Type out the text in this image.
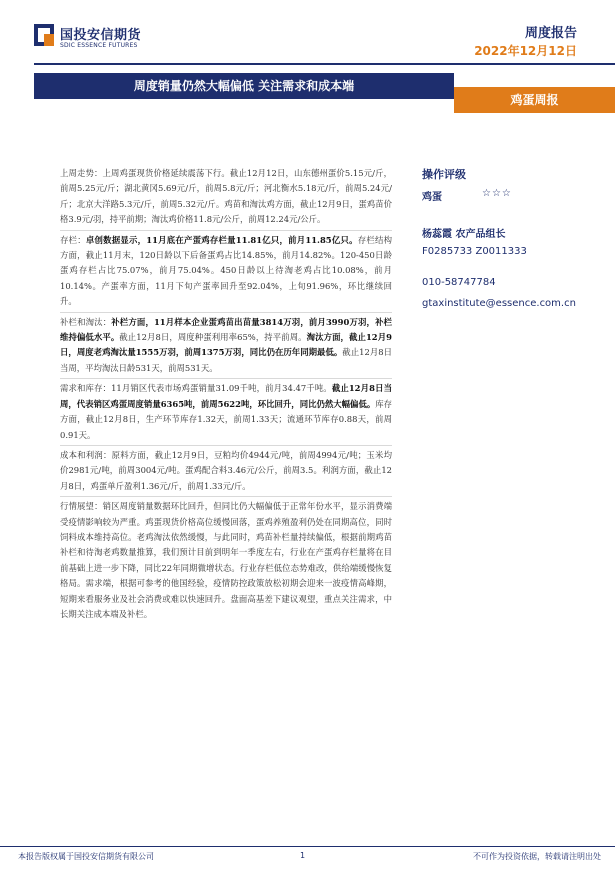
国投安信期货
SDIC ESSENCE FUTURES
周度报告
2022年12月12日
周度销量仍然大幅偏低 关注需求和成本端
鸡蛋周报

上周走势：上周鸡蛋现货价格延续震荡下行。截止12月12日，山东德州蛋价5.15元/斤，前周5.25元/斤；湖北黄冈5.69元/斤，前周5.8元/斤；河北衡水5.18元/斤，前周5.24元/斤；北京大洋路5.3元/斤，前周5.32元/斤。鸡苗和淘汰鸡方面，截止12月9日，蛋鸡苗价格3.9元/羽，持平前期；淘汰鸡价格11.8元/公斤，前周12.24元/公斤。

存栏：卓创数据显示，11月底在产蛋鸡存栏量11.81亿只，前月11.85亿只。存栏结构方面，截止11月末，120日龄以下后备蛋鸡占比14.85%，前月14.82%。120-450日龄蛋鸡存栏占比75.07%，前月75.04%。450日龄以上待淘老鸡占比10.08%，前月10.14%。产蛋率方面，11月下旬产蛋率回升至92.04%，上旬91.96%，环比继续回升。

补栏和淘汰：补栏方面，11月样本企业蛋鸡苗出苗量3814万羽，前月3990万羽，补栏维持偏低水平。截止12月8日，周度种蛋利用率65%，持平前周。淘汰方面，截止12月9日，周度老鸡淘汰量1555万羽，前周1375万羽，同比仍在历年同期最低。截止12月8日当周，平均淘汰日龄531天，前周531天。

需求和库存：11月销区代表市场鸡蛋销量31.09千吨，前月34.47千吨。截止12月8日当周，代表销区鸡蛋周度销量6365吨，前周5622吨，环比回升，同比仍然大幅偏低。库存方面，截止12月8日，生产环节库存1.32天，前周1.33天；流通环节库存0.88天，前周0.91天。

成本和利润：原料方面，截止12月9日，豆粕均价4944元/吨，前周4994元/吨；玉米均价2981元/吨，前周3004元/吨。蛋鸡配合料3.46元/公斤，前周3.5。利润方面，截止12月8日，鸡蛋单斤盈利1.36元/斤，前周1.33元/斤。

行情展望：销区周度销量数据环比回升，但同比仍大幅偏低于正常年份水平，显示消费端受疫情影响较为严重。鸡蛋现货价格高位缓慢回落，蛋鸡养殖盈利仍处在同期高位，同时饲料成本维持高位。老鸡淘汰依然缓慢，与此同时，鸡苗补栏量持续偏低，根据前期鸡苗补栏和待淘老鸡数量推算，我们预计目前到明年一季度左右，行业在产蛋鸡存栏量将在目前基础上进一步下降，同比22年同期微增状态。行业存栏低位态势难改，供给端缓慢恢复格局。需求端，根据可参考的他国经验，疫情防控政策放松初期会迎来一波疫情高峰期，短期来看服务业及社会消费或难以快速回升。盘面高基差下建议观望，重点关注需求，中长期关注成本端及补栏。

操作评级
鸡蛋	☆☆☆
杨蕊霞 农产品组长
F0285733 Z0011333
010-58747784
gtaxinstitute@essence.com.cn
本报告版权属于国投安信期货有限公司	1	不可作为投资依据，转载请注明出处
